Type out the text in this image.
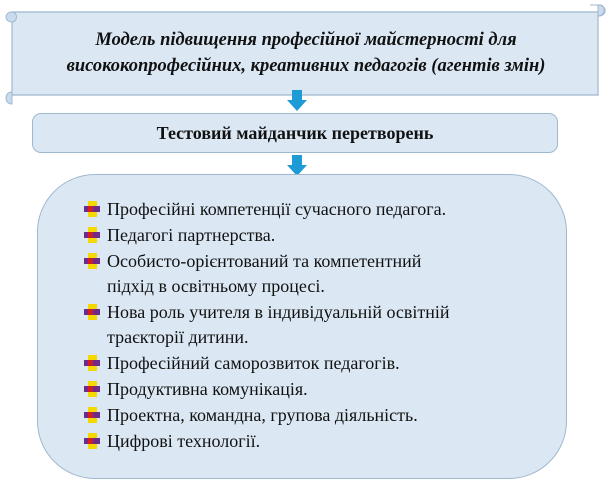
Модель підвищення професійної майстерності для
висококопрофесійних, креативних педагогів (агентів змін)
Тестовий майданчик перетворень
Професійні компетенції сучасного педагога.
Педагогі партнерства.
Особисто-орієнтований та компетентний
підхід в освітньому процесі.
Нова роль учителя в індивідуальній освітній
траєкторії дитини.
Професійний саморозвиток педагогів.
Продуктивна комунікація.
Проектна, командна, групова діяльність.
Цифрові технології.
